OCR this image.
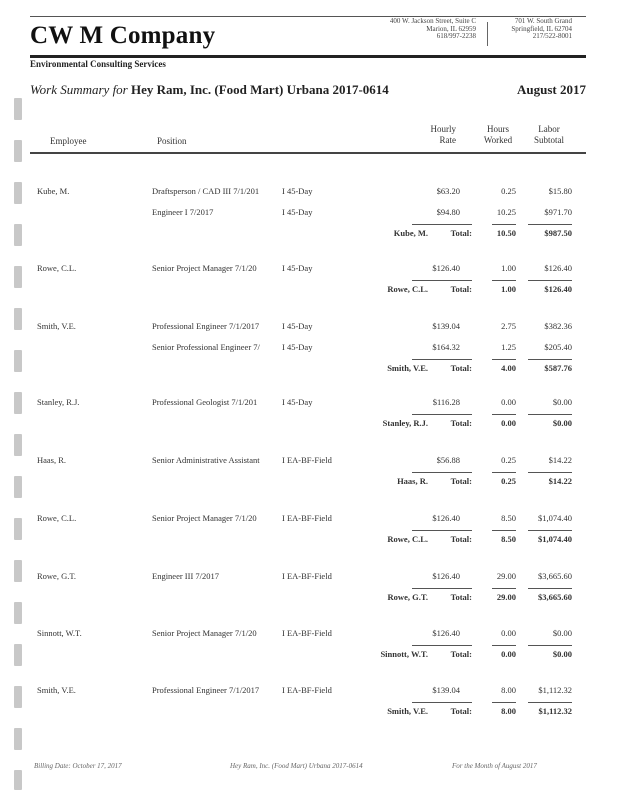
CW M Company
400 W. Jackson Street, Suite C
Marion, IL 62959
618/997-2238
701 W. South Grand
Springfield, IL 62704
217/522-8001
Environmental Consulting Services
Work Summary for Hey Ram, Inc. (Food Mart) Urbana 2017-0614	August 2017
Employee	Position
Hourly
Rate
Hours
Worked
Labor
Subtotal
Kube, M.	Draftsperson / CAD III 7/1/201	I 45-Day	$63.20	0.25	$15.80
Engineer I 7/2017	I 45-Day	$94.80	10.25	$971.70
Kube, M.	Total:	10.50	$987.50
Rowe, C.L.	Senior Project Manager 7/1/20	I 45-Day	$126.40	1.00	$126.40
Rowe, C.L.	Total:	1.00	$126.40
Smith, V.E.	Professional Engineer 7/1/2017	I 45-Day	$139.04	2.75	$382.36
Senior Professional Engineer 7/	I 45-Day	$164.32	1.25	$205.40
Smith, V.E.	Total:	4.00	$587.76
Stanley, R.J.	Professional Geologist 7/1/201	I 45-Day	$116.28	0.00	$0.00
Stanley, R.J.	Total:	0.00	$0.00
Haas, R.	Senior Administrative Assistant	I EA-BF-Field	$56.88	0.25	$14.22
Haas, R.	Total:	0.25	$14.22
Rowe, C.L.	Senior Project Manager 7/1/20	I EA-BF-Field	$126.40	8.50	$1,074.40
Rowe, C.L.	Total:	8.50	$1,074.40
Rowe, G.T.	Engineer III 7/2017	I EA-BF-Field	$126.40	29.00	$3,665.60
Rowe, G.T.	Total:	29.00	$3,665.60
Sinnott, W.T.	Senior Project Manager 7/1/20	I EA-BF-Field	$126.40	0.00	$0.00
Sinnott, W.T.	Total:	0.00	$0.00
Smith, V.E.	Professional Engineer 7/1/2017	I EA-BF-Field	$139.04	8.00	$1,112.32
Smith, V.E.	Total:	8.00	$1,112.32
Billing Date: October 17, 2017	Hey Ram, Inc. (Food Mart) Urbana 2017-0614	For the Month of August 2017
